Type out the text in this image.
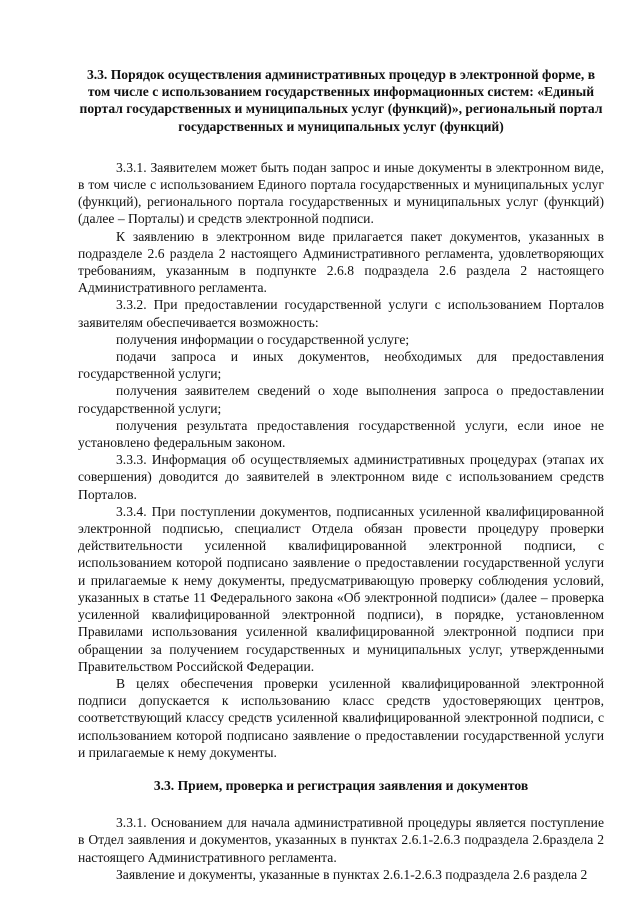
3.3. Порядок осуществления административных процедур в электронной форме, в том числе с использованием государственных информационных систем: «Единый портал государственных и муниципальных услуг (функций)», региональный портал государственных и муниципальных услуг (функций)

3.3.1. Заявителем может быть подан запрос и иные документы в электронном виде, в том числе с использованием Единого портала государственных и муниципальных услуг (функций), регионального портала государственных и муниципальных услуг (функций) (далее – Порталы) и средств электронной подписи.

К заявлению в электронном виде прилагается пакет документов, указанных в подразделе 2.6 раздела 2 настоящего Административного регламента, удовлетворяющих требованиям, указанным в подпункте 2.6.8 подраздела 2.6 раздела 2 настоящего Административного регламента.

3.3.2. При предоставлении государственной услуги с использованием Порталов заявителям обеспечивается возможность:

получения информации о государственной услуге;

подачи запроса и иных документов, необходимых для предоставления государственной услуги;

получения заявителем сведений о ходе выполнения запроса о предоставлении государственной услуги;

получения результата предоставления государственной услуги, если иное не установлено федеральным законом.

3.3.3. Информация об осуществляемых административных процедурах (этапах их совершения) доводится до заявителей в электронном виде с использованием средств Порталов.

3.3.4. При поступлении документов, подписанных усиленной квалифицированной электронной подписью, специалист Отдела обязан провести процедуру проверки действительности усиленной квалифицированной электронной подписи, с использованием которой подписано заявление о предоставлении государственной услуги и прилагаемые к нему документы, предусматривающую проверку соблюдения условий, указанных в статье 11 Федерального закона «Об электронной подписи» (далее – проверка усиленной квалифицированной электронной подписи), в порядке, установленном Правилами использования усиленной квалифицированной электронной подписи при обращении за получением государственных и муниципальных услуг, утвержденными Правительством Российской Федерации.

В целях обеспечения проверки усиленной квалифицированной электронной подписи допускается к использованию класс средств удостоверяющих центров, соответствующий классу средств усиленной квалифицированной электронной подписи, с использованием которой подписано заявление о предоставлении государственной услуги и прилагаемые к нему документы.

3.3. Прием, проверка и регистрация заявления и документов

3.3.1. Основанием для начала административной процедуры является поступление в Отдел заявления и документов, указанных в пунктах 2.6.1-2.6.3 подраздела 2.6раздела 2 настоящего Административного регламента.

Заявление и документы, указанные в пунктах 2.6.1-2.6.3 подраздела 2.6 раздела 2
